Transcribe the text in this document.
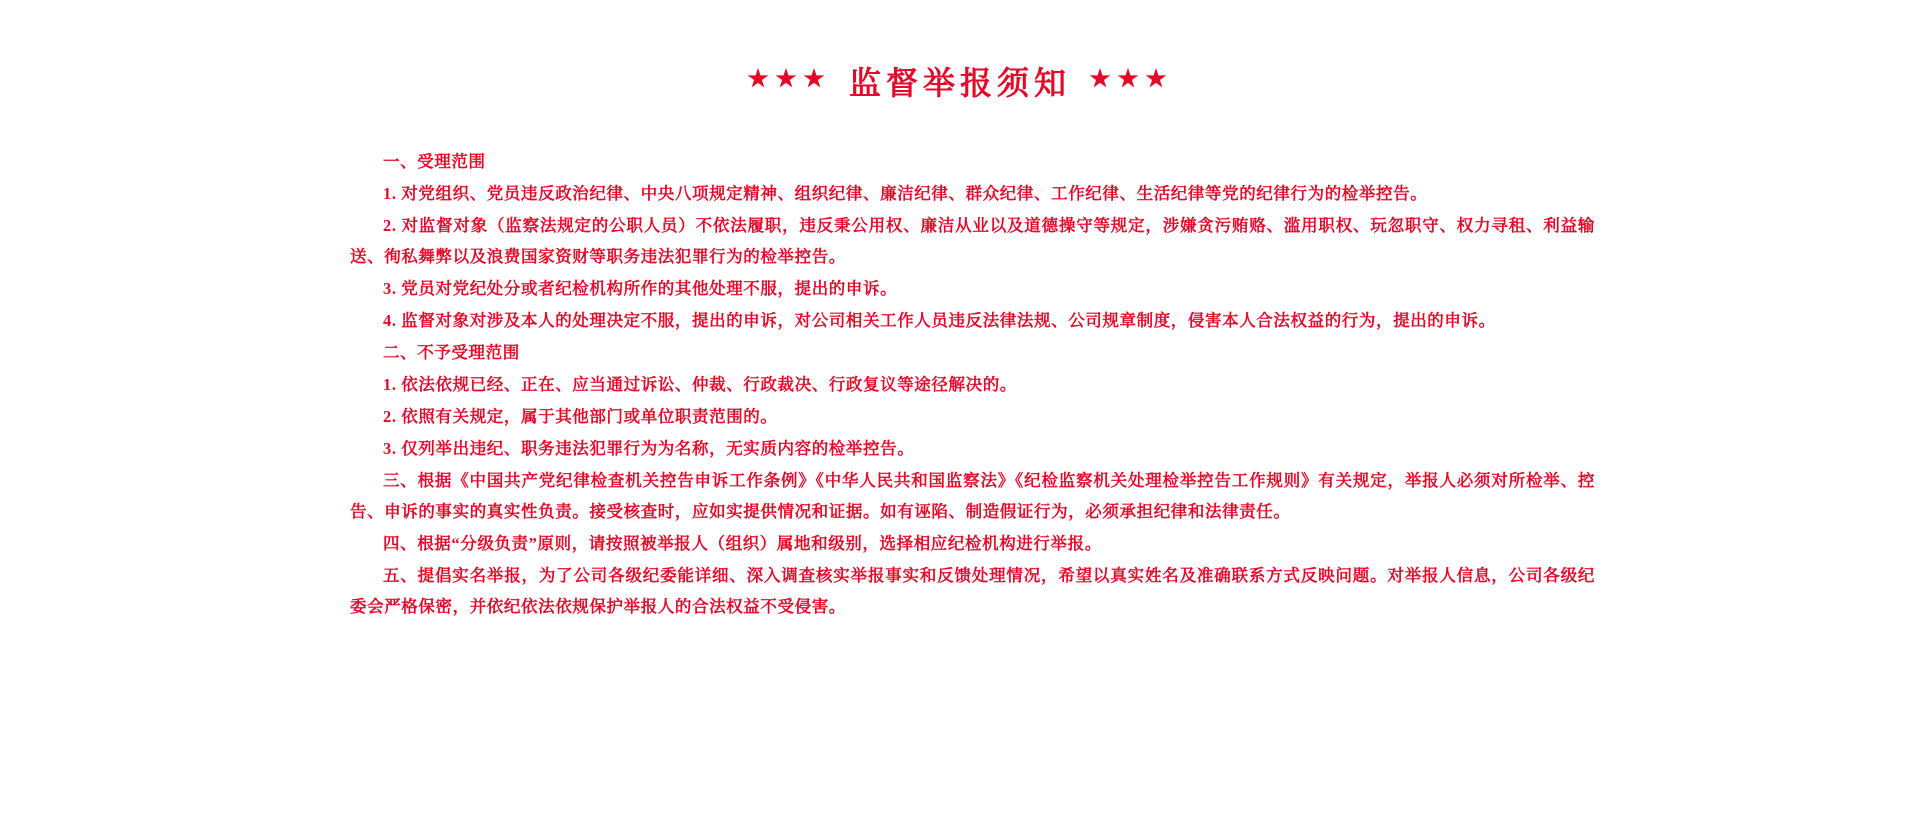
★★★ 监督举报须知 ★★★

一、受理范围

1. 对党组织、党员违反政治纪律、中央八项规定精神、组织纪律、廉洁纪律、群众纪律、工作纪律、生活纪律等党的纪律行为的检举控告。

2. 对监督对象（监察法规定的公职人员）不依法履职，违反秉公用权、廉洁从业以及道德操守等规定，涉嫌贪污贿赂、滥用职权、玩忽职守、权力寻租、利益输送、徇私舞弊以及浪费国家资财等职务违法犯罪行为的检举控告。

3. 党员对党纪处分或者纪检机构所作的其他处理不服，提出的申诉。

4. 监督对象对涉及本人的处理决定不服，提出的申诉，对公司相关工作人员违反法律法规、公司规章制度，侵害本人合法权益的行为，提出的申诉。

二、不予受理范围

1. 依法依规已经、正在、应当通过诉讼、仲裁、行政裁决、行政复议等途径解决的。

2. 依照有关规定，属于其他部门或单位职责范围的。

3. 仅列举出违纪、职务违法犯罪行为为名称，无实质内容的检举控告。

三、根据《中国共产党纪律检查机关控告申诉工作条例》《中华人民共和国监察法》《纪检监察机关处理检举控告工作规则》有关规定，举报人必须对所检举、控告、申诉的事实的真实性负责。接受核查时，应如实提供情况和证据。如有诬陷、制造假证行为，必须承担纪律和法律责任。

四、根据“分级负责”原则，请按照被举报人（组织）属地和级别，选择相应纪检机构进行举报。

五、提倡实名举报，为了公司各级纪委能详细、深入调查核实举报事实和反馈处理情况，希望以真实姓名及准确联系方式反映问题。对举报人信息，公司各级纪委会严格保密，并依纪依法依规保护举报人的合法权益不受侵害。
